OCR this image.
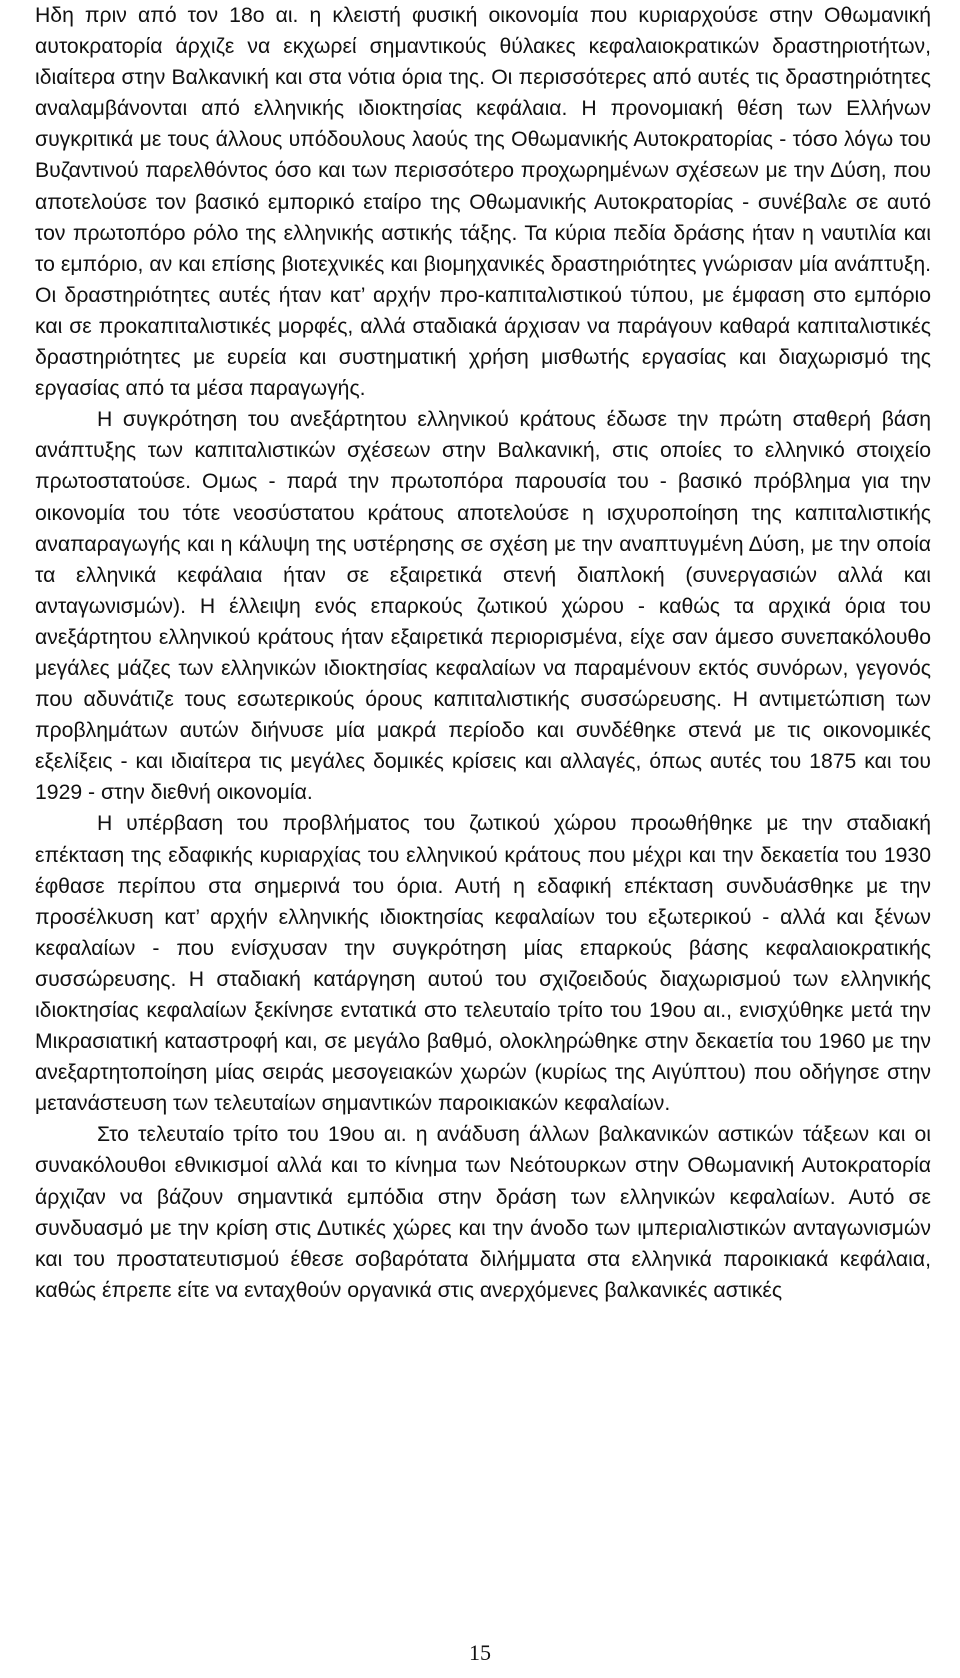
Ηδη πριν από τον 18ο αι. η κλειστή φυσική οικονομία που κυριαρχούσε στην Οθωμανική αυτοκρατορία άρχιζε να εκχωρεί σημαντικούς θύλακες κεφαλαιοκρατικών δραστηριοτήτων, ιδιαίτερα στην Βαλκανική και στα νότια όρια της. Οι περισσότερες από αυτές τις δραστηριότητες αναλαμβάνονται από ελληνικής ιδιοκτησίας κεφάλαια. Η προνομιακή θέση των Ελλήνων συγκριτικά με τους άλλους υπόδουλους λαούς της Οθωμανικής Αυτοκρατορίας - τόσο λόγω του Βυζαντινού παρελθόντος όσο και των περισσότερο προχωρημένων σχέσεων με την Δύση, που αποτελούσε τον βασικό εμπορικό εταίρο της Οθωμανικής Αυτοκρατορίας - συνέβαλε σε αυτό τον πρωτοπόρο ρόλο της ελληνικής αστικής τάξης. Τα κύρια πεδία δράσης ήταν η ναυτιλία και το εμπόριο, αν και επίσης βιοτεχνικές και βιομηχανικές δραστηριότητες γνώρισαν μία ανάπτυξη. Οι δραστηριότητες αυτές ήταν κατ’ αρχήν προ-καπιταλιστικού τύπου, με έμφαση στο εμπόριο και σε προκαπιταλιστικές μορφές, αλλά σταδιακά άρχισαν να παράγουν καθαρά καπιταλιστικές δραστηριότητες με ευρεία και συστηματική χρήση μισθωτής εργασίας και διαχωρισμό της εργασίας από τα μέσα παραγωγής.

Η συγκρότηση του ανεξάρτητου ελληνικού κράτους έδωσε την πρώτη σταθερή βάση ανάπτυξης των καπιταλιστικών σχέσεων στην Βαλκανική, στις οποίες το ελληνικό στοιχείο πρωτοστατούσε. Ομως - παρά την πρωτοπόρα παρουσία του - βασικό πρόβλημα για την οικονομία του τότε νεοσύστατου κράτους αποτελούσε η ισχυροποίηση της καπιταλιστικής αναπαραγωγής και η κάλυψη της υστέρησης σε σχέση με την αναπτυγμένη Δύση, με την οποία τα ελληνικά κεφάλαια ήταν σε εξαιρετικά στενή διαπλοκή (συνεργασιών αλλά και ανταγωνισμών). Η έλλειψη ενός επαρκούς ζωτικού χώρου - καθώς τα αρχικά όρια του ανεξάρτητου ελληνικού κράτους ήταν εξαιρετικά περιορισμένα, είχε σαν άμεσο συνεπακόλουθο μεγάλες μάζες των ελληνικών ιδιοκτησίας κεφαλαίων να παραμένουν εκτός συνόρων, γεγονός που αδυνάτιζε τους εσωτερικούς όρους καπιταλιστικής συσσώρευσης. Η αντιμετώπιση των προβλημάτων αυτών διήνυσε μία μακρά περίοδο και συνδέθηκε στενά με τις οικονομικές εξελίξεις - και ιδιαίτερα τις μεγάλες δομικές κρίσεις και αλλαγές, όπως αυτές του 1875 και του 1929 - στην διεθνή οικονομία.

Η υπέρβαση του προβλήματος του ζωτικού χώρου προωθήθηκε με την σταδιακή επέκταση της εδαφικής κυριαρχίας του ελληνικού κράτους που μέχρι και την δεκαετία του 1930 έφθασε περίπου στα σημερινά του όρια. Αυτή η εδαφική επέκταση συνδυάσθηκε με την προσέλκυση κατ’ αρχήν ελληνικής ιδιοκτησίας κεφαλαίων του εξωτερικού - αλλά και ξένων κεφαλαίων - που ενίσχυσαν την συγκρότηση μίας επαρκούς βάσης κεφαλαιοκρατικής συσσώρευσης. Η σταδιακή κατάργηση αυτού του σχιζοειδούς διαχωρισμού των ελληνικής ιδιοκτησίας κεφαλαίων ξεκίνησε εντατικά στο τελευταίο τρίτο του 19ου αι., ενισχύθηκε μετά την Μικρασιατική καταστροφή και, σε μεγάλο βαθμό, ολοκληρώθηκε στην δεκαετία του 1960 με την ανεξαρτητοποίηση μίας σειράς μεσογειακών χωρών (κυρίως της Αιγύπτου) που οδήγησε στην μετανάστευση των τελευταίων σημαντικών παροικιακών κεφαλαίων.

Στο τελευταίο τρίτο του 19ου αι. η ανάδυση άλλων βαλκανικών αστικών τάξεων και οι συνακόλουθοι εθνικισμοί αλλά και το κίνημα των Νεότουρκων στην Οθωμανική Αυτοκρατορία άρχιζαν να βάζουν σημαντικά εμπόδια στην δράση των ελληνικών κεφαλαίων. Αυτό σε συνδυασμό με την κρίση στις Δυτικές χώρες και την άνοδο των ιμπεριαλιστικών ανταγωνισμών και του προστατευτισμού έθεσε σοβαρότατα διλήμματα στα ελληνικά παροικιακά κεφάλαια, καθώς έπρεπε είτε να ενταχθούν οργανικά στις ανερχόμενες βαλκανικές αστικές

15
